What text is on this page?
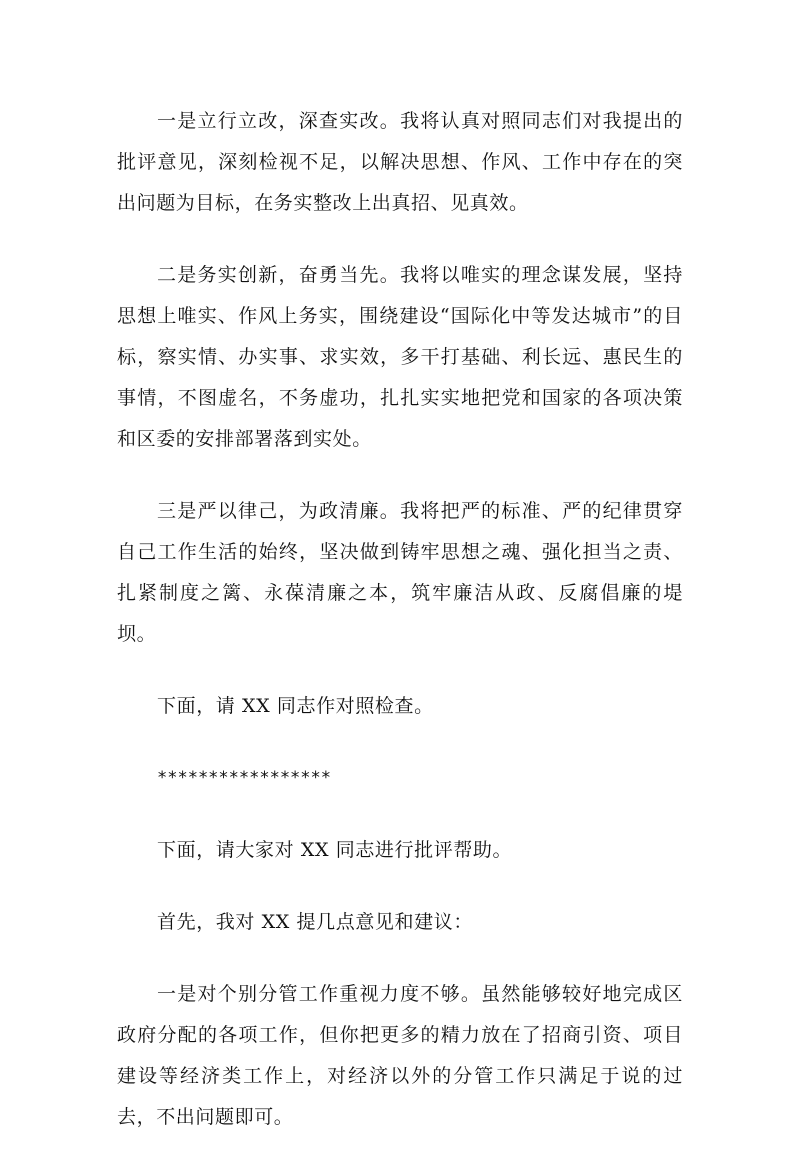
一是立行立改，深查实改。我将认真对照同志们对我提出的批评意见，深刻检视不足，以解决思想、作风、工作中存在的突出问题为目标，在务实整改上出真招、见真效。

二是务实创新，奋勇当先。我将以唯实的理念谋发展，坚持思想上唯实、作风上务实，围绕建设“国际化中等发达城市”的目标，察实情、办实事、求实效，多干打基础、利长远、惠民生的事情，不图虚名，不务虚功，扎扎实实地把党和国家的各项决策和区委的安排部署落到实处。

三是严以律己，为政清廉。我将把严的标准、严的纪律贯穿自己工作生活的始终，坚决做到铸牢思想之魂、强化担当之责、扎紧制度之篱、永葆清廉之本，筑牢廉洁从政、反腐倡廉的堤坝。

下面，请 XX 同志作对照检查。

*****************

下面，请大家对 XX 同志进行批评帮助。

首先，我对 XX 提几点意见和建议：

一是对个别分管工作重视力度不够。虽然能够较好地完成区政府分配的各项工作，但你把更多的精力放在了招商引资、项目建设等经济类工作上，对经济以外的分管工作只满足于说的过去，不出问题即可。
